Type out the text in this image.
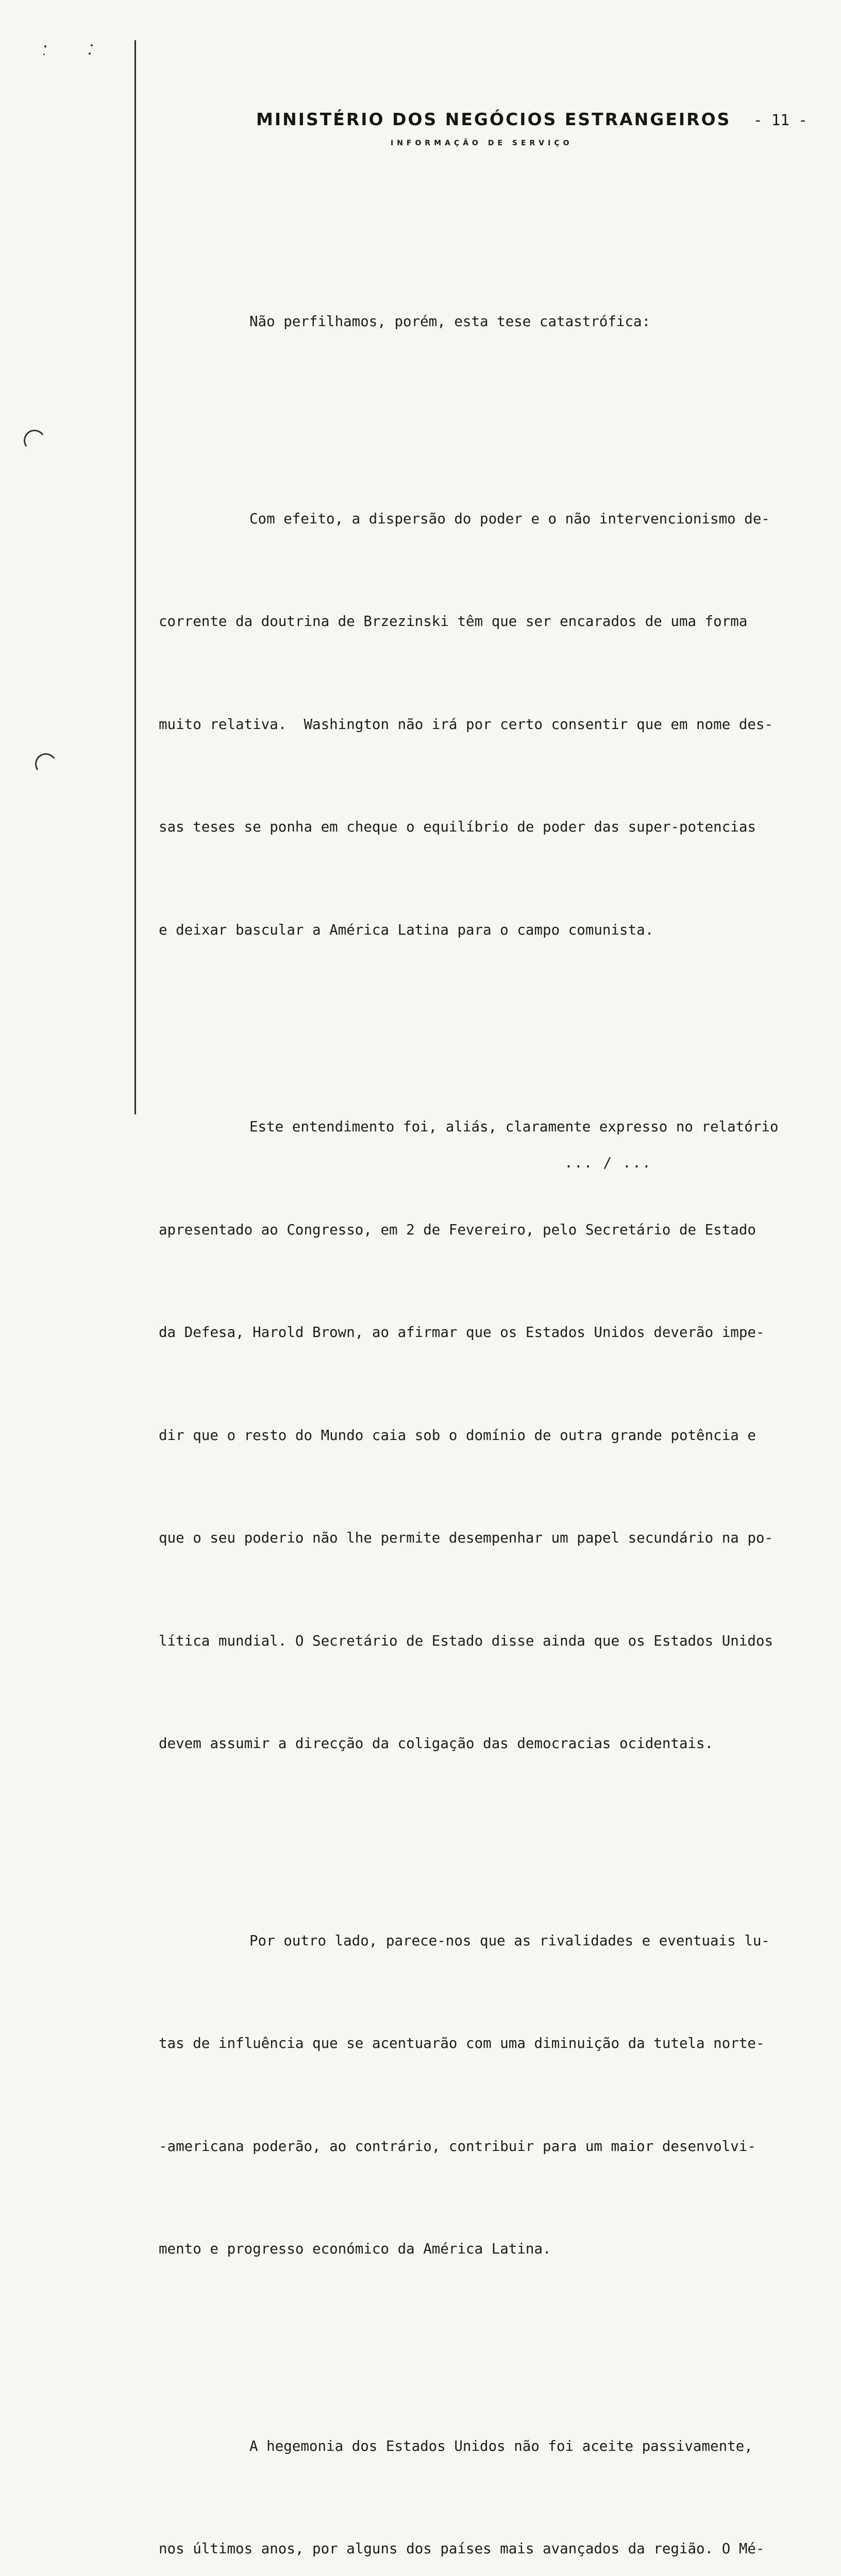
MINISTÉRIO DOS NEGÓCIOS ESTRANGEIROS
INFORMAÇÃO DE SERVIÇO
- 11 -

Não perfilhamos, porém, esta tese catastrófica:

Com efeito, a dispersão do poder e o não intervencionismo de-

corrente da doutrina de Brzezinski têm que ser encarados de uma forma

muito relativa.  Washington não irá por certo consentir que em nome des-

sas teses se ponha em cheque o equilíbrio de poder das super-potencias

e deixar bascular a América Latina para o campo comunista.

Este entendimento foi, aliás, claramente expresso no relatório

apresentado ao Congresso, em 2 de Fevereiro, pelo Secretário de Estado

da Defesa, Harold Brown, ao afirmar que os Estados Unidos deverão impe-

dir que o resto do Mundo caia sob o domínio de outra grande potência e

que o seu poderio não lhe permite desempenhar um papel secundário na po-

lítica mundial. O Secretário de Estado disse ainda que os Estados Unidos

devem assumir a direcção da coligação das democracias ocidentais.

Por outro lado, parece-nos que as rivalidades e eventuais lu-

tas de influência que se acentuarão com uma diminuição da tutela norte-

-americana poderão, ao contrário, contribuir para um maior desenvolvi-

mento e progresso económico da América Latina.

A hegemonia dos Estados Unidos não foi aceite passivamente,

nos últimos anos, por alguns dos países mais avançados da região. O Mé-

... / ...
